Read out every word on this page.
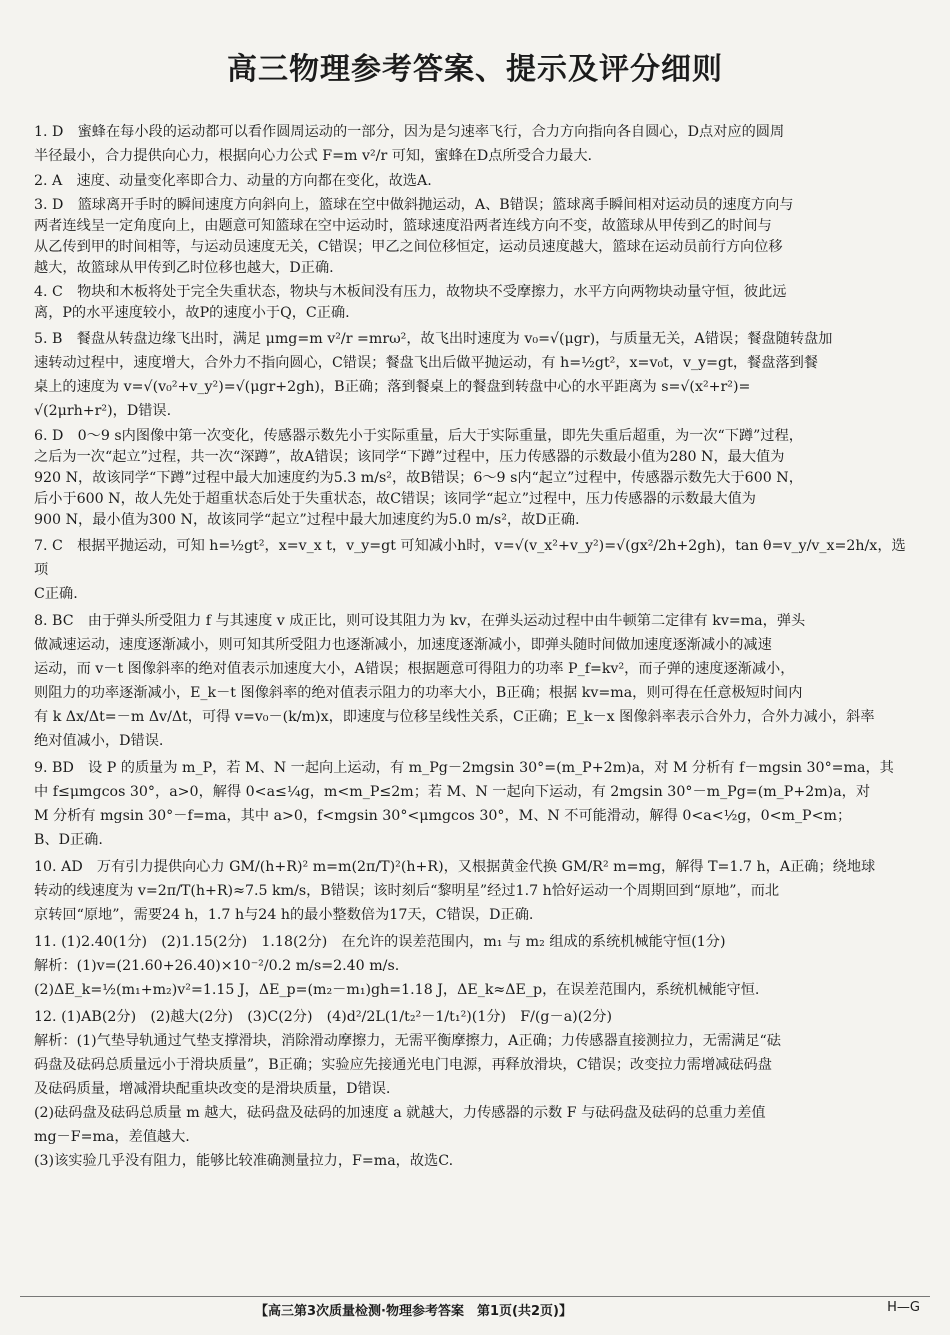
高三物理参考答案、提示及评分细则
1. D　蜜蜂在每小段的运动都可以看作圆周运动的一部分，因为是匀速率飞行，合力方向指向各自圆心，D点对应的圆周
半径最小，合力提供向心力，根据向心力公式 F=m v²/r 可知，蜜蜂在D点所受合力最大.
2. A　速度、动量变化率即合力、动量的方向都在变化，故选A.
3. D　篮球离开手时的瞬间速度方向斜向上，篮球在空中做斜抛运动，A、B错误；篮球离手瞬间相对运动员的速度方向与
两者连线呈一定角度向上，由题意可知篮球在空中运动时，篮球速度沿两者连线方向不变，故篮球从甲传到乙的时间与
从乙传到甲的时间相等，与运动员速度无关，C错误；甲乙之间位移恒定，运动员速度越大，篮球在运动员前行方向位移
越大，故篮球从甲传到乙时位移也越大，D正确.
4. C　物块和木板将处于完全失重状态，物块与木板间没有压力，故物块不受摩擦力，水平方向两物块动量守恒，彼此远
离，P的水平速度较小，故P的速度小于Q，C正确.
5. B　餐盘从转盘边缘飞出时，满足 μmg=m v²/r =mrω²，故飞出时速度为 v₀=√(μgr)，与质量无关，A错误；餐盘随转盘加
速转动过程中，速度增大，合外力不指向圆心，C错误；餐盘飞出后做平抛运动，有 h=½gt²，x=v₀t，v_y=gt，餐盘落到餐
桌上的速度为 v=√(v₀²+v_y²)=√(μgr+2gh)，B正确；落到餐桌上的餐盘到转盘中心的水平距离为 s=√(x²+r²)=
√(2μrh+r²)，D错误.
6. D　0～9 s内图像中第一次变化，传感器示数先小于实际重量，后大于实际重量，即先失重后超重，为一次“下蹲”过程，
之后为一次“起立”过程，共一次“深蹲”，故A错误；该同学“下蹲”过程中，压力传感器的示数最小值为280 N，最大值为
920 N，故该同学“下蹲”过程中最大加速度约为5.3 m/s²，故B错误；6～9 s内“起立”过程中，传感器示数先大于600 N，
后小于600 N，故人先处于超重状态后处于失重状态，故C错误；该同学“起立”过程中，压力传感器的示数最大值为
900 N，最小值为300 N，故该同学“起立”过程中最大加速度约为5.0 m/s²，故D正确.
7. C　根据平抛运动，可知 h=½gt²，x=v_x t，v_y=gt 可知减小h时，v=√(v_x²+v_y²)=√(gx²/2h+2gh)，tan θ=v_y/v_x=2h/x，选项
C正确.
8. BC　由于弹头所受阻力 f 与其速度 v 成正比，则可设其阻力为 kv，在弹头运动过程中由牛顿第二定律有 kv=ma，弹头
做减速运动，速度逐渐减小，则可知其所受阻力也逐渐减小，加速度逐渐减小，即弹头随时间做加速度逐渐减小的减速
运动，而 v－t 图像斜率的绝对值表示加速度大小，A错误；根据题意可得阻力的功率 P_f=kv²，而子弹的速度逐渐减小，
则阻力的功率逐渐减小，E_k－t 图像斜率的绝对值表示阻力的功率大小，B正确；根据 kv=ma，则可得在任意极短时间内
有 k Δx/Δt=－m Δv/Δt，可得 v=v₀－(k/m)x，即速度与位移呈线性关系，C正确；E_k－x 图像斜率表示合外力，合外力减小，斜率
绝对值减小，D错误.
9. BD　设 P 的质量为 m_P，若 M、N 一起向上运动，有 m_Pg－2mgsin 30°=(m_P+2m)a，对 M 分析有 f－mgsin 30°=ma，其
中 f≤μmgcos 30°，a>0，解得 0<a≤¼g，m<m_P≤2m；若 M、N 一起向下运动，有 2mgsin 30°－m_Pg=(m_P+2m)a，对
M 分析有 mgsin 30°－f=ma，其中 a>0，f<mgsin 30°<μmgcos 30°，M、N 不可能滑动，解得 0<a<½g，0<m_P<m；
B、D正确.
10. AD　万有引力提供向心力 GM/(h+R)² m=m(2π/T)²(h+R)，又根据黄金代换 GM/R² m=mg，解得 T=1.7 h，A正确；绕地球
转动的线速度为 v=2π/T(h+R)≈7.5 km/s，B错误；该时刻后“黎明星”经过1.7 h恰好运动一个周期回到“原地”，而北
京转回“原地”，需要24 h，1.7 h与24 h的最小整数倍为17天，C错误，D正确.
11. (1)2.40(1分)　(2)1.15(2分)　1.18(2分)　在允许的误差范围内，m₁ 与 m₂ 组成的系统机械能守恒(1分)
解析：(1)v=(21.60+26.40)×10⁻²/0.2 m/s=2.40 m/s.
(2)ΔE_k=½(m₁+m₂)v²=1.15 J，ΔE_p=(m₂－m₁)gh=1.18 J，ΔE_k≈ΔE_p，在误差范围内，系统机械能守恒.
12. (1)AB(2分)　(2)越大(2分)　(3)C(2分)　(4)d²/2L(1/t₂²－1/t₁²)(1分)　F/(g－a)(2分)
解析：(1)气垫导轨通过气垫支撑滑块，消除滑动摩擦力，无需平衡摩擦力，A正确；力传感器直接测拉力，无需满足“砝
码盘及砝码总质量远小于滑块质量”，B正确；实验应先接通光电门电源，再释放滑块，C错误；改变拉力需增减砝码盘
及砝码质量，增减滑块配重块改变的是滑块质量，D错误.
(2)砝码盘及砝码总质量 m 越大，砝码盘及砝码的加速度 a 就越大，力传感器的示数 F 与砝码盘及砝码的总重力差值
mg－F=ma，差值越大.
(3)该实验几乎没有阻力，能够比较准确测量拉力，F=ma，故选C.
【高三第3次质量检测·物理参考答案　第1页(共2页)】	H—G
